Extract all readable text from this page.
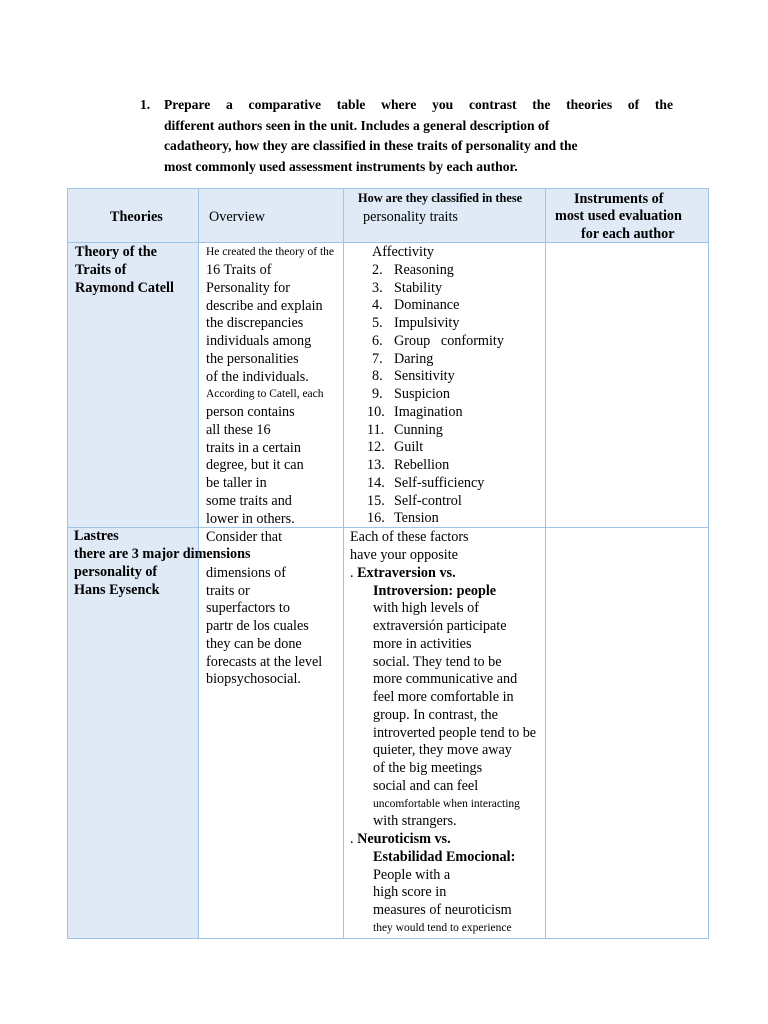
1. Prepare a comparative table where you contrast the theories of the
different authors seen in the unit. Includes a general description of
cadatheory, how they are classified in these traits of personality and the
most commonly used assessment instruments by each author.
Theories	Overview
How are they classified in these
personality traits
Instruments of
most used evaluation
for each author
Theory of the
Traits of
Raymond Catell
He created the theory of the
16 Traits of
Personality for
describe and explain
the discrepancies
individuals among
the personalities
of the individuals.
According to Catell, each
person contains
all these 16
traits in a certain
degree, but it can
be taller in
some traits and
lower in others.
Affectivity
2. Reasoning
3. Stability
4. Dominance
5. Impulsivity
6. Group   conformity
7. Daring
8. Sensitivity
9. Suspicion
10. Imagination
11. Cunning
12. Guilt
13. Rebellion
14. Self-sufficiency
15. Self-control
16. Tension
Consider that
dimensions of
traits or
superfactors to
partr de los cuales
they can be done
forecasts at the level
biopsychosocial.
Each of these factors
have your opposite
. Extraversion vs.
Introversion: people
with high levels of
extraversión participate
more in activities
social. They tend to be
more communicative and
feel more comfortable in
group. In contrast, the
introverted people tend to be
quieter, they move away
of the big meetings
social and can feel
uncomfortable when interacting
with strangers.
. Neuroticism vs.
Estabilidad Emocional:
People with a
high score in
measures of neuroticism
they would tend to experience
Lastres
there are 3 major dimensions
personality of
Hans Eysenck
